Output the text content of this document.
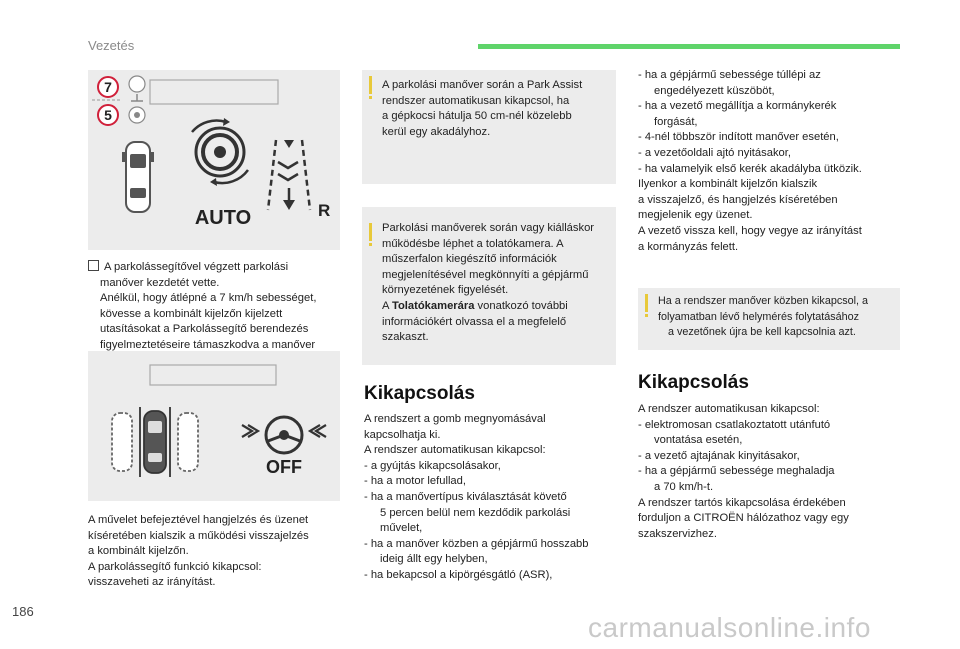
Vezetés
7
5
AUTO	R

A parkolássegítővel végzett parkolási

manőver kezdetét vette.

Anélkül, hogy átlépné a 7 km/h sebességet,

kövesse a kombinált kijelzőn kijelzett

utasításokat a Parkolássegítő berendezés

figyelmeztetéseire támaszkodva a manőver

OFF

A művelet befejeztével hangjelzés és üzenet

kíséretében kialszik a működési visszajelzés

a kombinált kijelzőn.

A parkolássegítő funkció kikapcsol:

visszaveheti az irányítást.

A parkolási manőver során a Park Assist

rendszer automatikusan kikapcsol, ha

a gépkocsi hátulja 50 cm-nél közelebb

kerül egy akadályhoz.

Parkolási manőverek során vagy kiálláskor

működésbe léphet a tolatókamera. A

műszerfalon kiegészítő információk

megjelenítésével megkönnyíti a gépjármű

környezetének figyelését.

A Tolatókamerára vonatkozó további

információkért olvassa el a megfelelő

szakaszt.

Kikapcsolás

A rendszert a gomb megnyomásával

kapcsolhatja ki.

A rendszer automatikusan kikapcsol:

- a gyújtás kikapcsolásakor,

- ha a motor lefullad,

- ha a manővertípus kiválasztását követő

5 percen belül nem kezdődik parkolási

művelet,

- ha a manőver közben a gépjármű hosszabb

ideig állt egy helyben,

- ha bekapcsol a kipörgésgátló (ASR),

- ha a gépjármű sebessége túllépi az

engedélyezett küszöböt,

- ha a vezető megállítja a kormánykerék

forgását,

- 4-nél többször indított manőver esetén,

- a vezetőoldali ajtó nyitásakor,

- ha valamelyik első kerék akadályba ütközik.

Ilyenkor a kombinált kijelzőn kialszik

a visszajelző, és hangjelzés kíséretében

megjelenik egy üzenet.

A vezető vissza kell, hogy vegye az irányítást

a kormányzás felett.

Ha a rendszer manőver közben kikapcsol, a

folyamatban lévő helymérés folytatásához

a vezetőnek újra be kell kapcsolnia azt.

Kikapcsolás

A rendszer automatikusan kikapcsol:

- elektromosan csatlakoztatott utánfutó

vontatása esetén,

- a vezető ajtajának kinyitásakor,

- ha a gépjármű sebessége meghaladja

a 70 km/h-t.

A rendszer tartós kikapcsolása érdekében

forduljon a CITROËN hálózathoz vagy egy

szakszervizhez.

186
carmanualsonline.info
